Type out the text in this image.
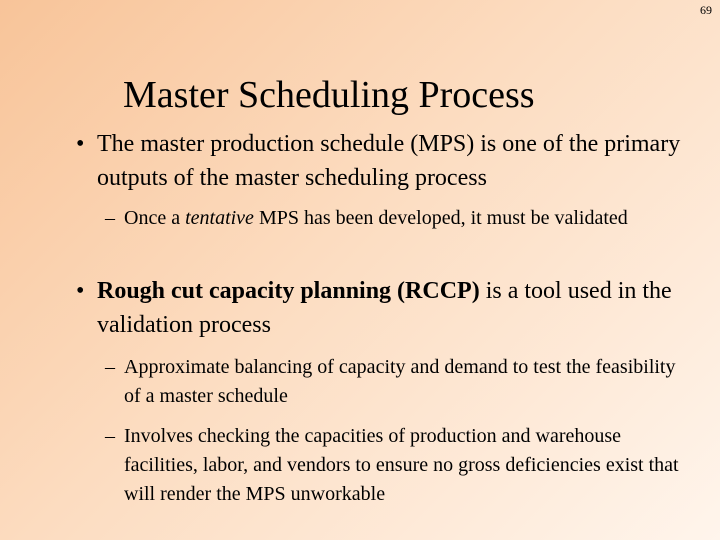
69
Master Scheduling Process
• The master production schedule (MPS) is one of the primary outputs of the master scheduling process
– Once a tentative MPS has been developed, it must be validated
• Rough cut capacity planning (RCCP) is a tool used in the validation process
– Approximate balancing of capacity and demand to test the feasibility of a master schedule
– Involves checking the capacities of production and warehouse facilities, labor, and vendors to ensure no gross deficiencies exist that will render the MPS unworkable
